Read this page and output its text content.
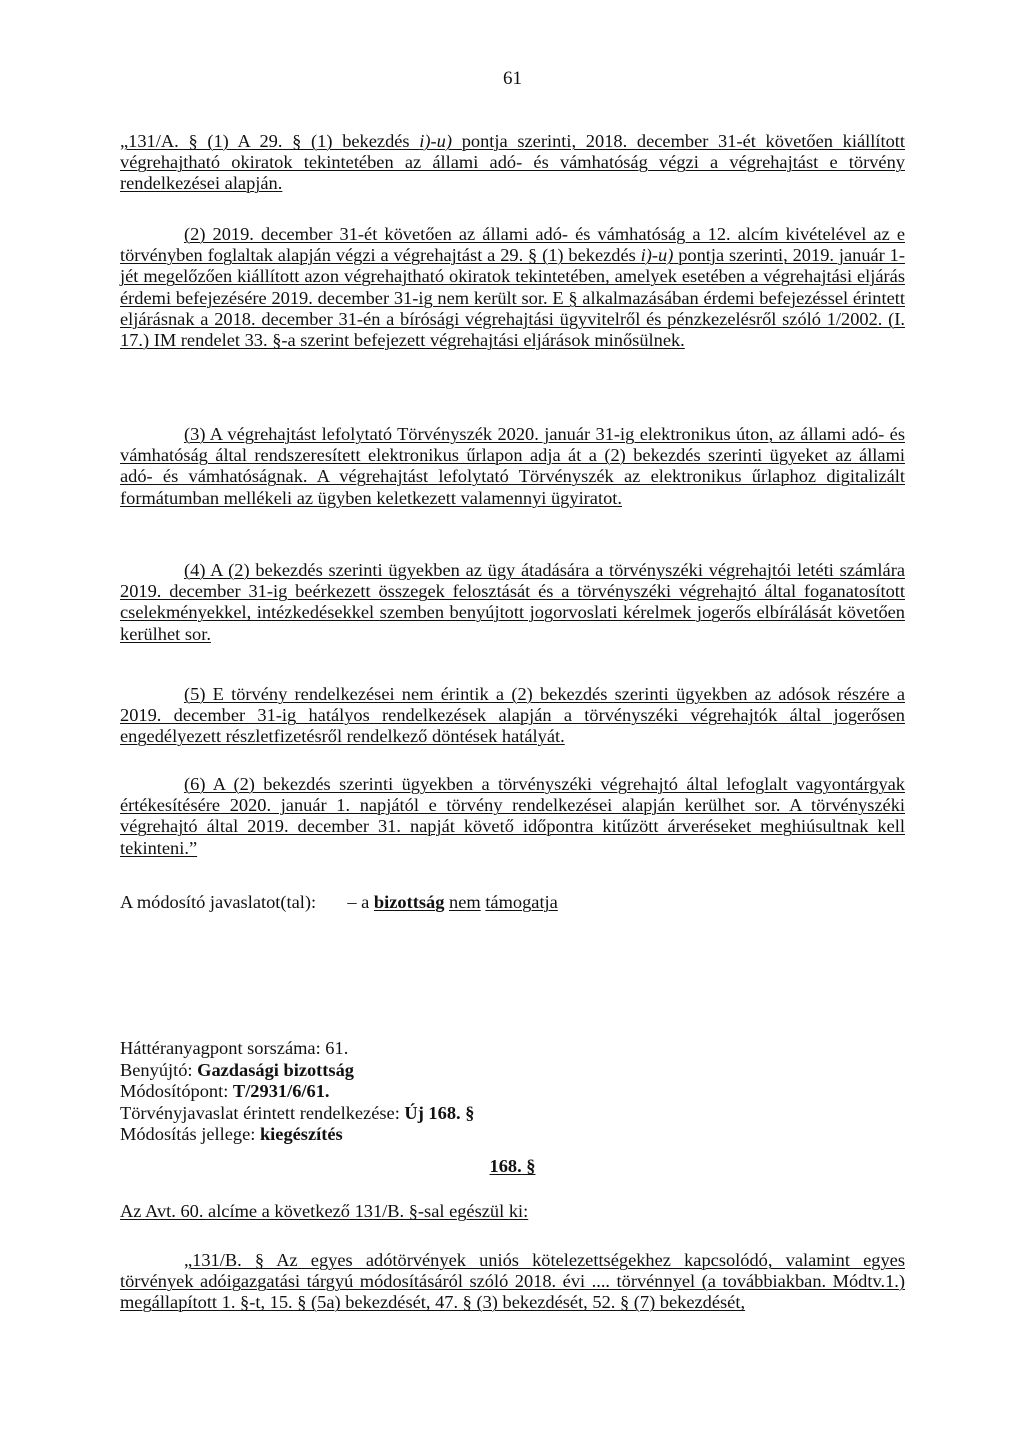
61

„131/A. § (1) A 29. § (1) bekezdés i)-u) pontja szerinti, 2018. december 31-ét követően kiállított végrehajtható okiratok tekintetében az állami adó- és vámhatóság végzi a végrehajtást e törvény rendelkezései alapján.

(2) 2019. december 31-ét követően az állami adó- és vámhatóság a 12. alcím kivételével az e törvényben foglaltak alapján végzi a végrehajtást a 29. § (1) bekezdés i)-u) pontja szerinti, 2019. január 1-jét megelőzően kiállított azon végrehajtható okiratok tekintetében, amelyek esetében a végrehajtási eljárás érdemi befejezésére 2019. december 31-ig nem került sor. E § alkalmazásában érdemi befejezéssel érintett eljárásnak a 2018. december 31-én a bírósági végrehajtási ügyvitelről és pénzkezelésről szóló 1/2002. (I. 17.) IM rendelet 33. §-a szerint befejezett végrehajtási eljárások minősülnek.

(3) A végrehajtást lefolytató Törvényszék 2020. január 31-ig elektronikus úton, az állami adó- és vámhatóság által rendszeresített elektronikus űrlapon adja át a (2) bekezdés szerinti ügyeket az állami adó- és vámhatóságnak. A végrehajtást lefolytató Törvényszék az elektronikus űrlaphoz digitalizált formátumban mellékeli az ügyben keletkezett valamennyi ügyiratot.

(4) A (2) bekezdés szerinti ügyekben az ügy átadására a törvényszéki végrehajtói letéti számlára 2019. december 31-ig beérkezett összegek felosztását és a törvényszéki végrehajtó által foganatosított cselekményekkel, intézkedésekkel szemben benyújtott jogorvoslati kérelmek jogerős elbírálását követően kerülhet sor.

(5) E törvény rendelkezései nem érintik a (2) bekezdés szerinti ügyekben az adósok részére a 2019. december 31-ig hatályos rendelkezések alapján a törvényszéki végrehajtók által jogerősen engedélyezett részletfizetésről rendelkező döntések hatályát.

(6) A (2) bekezdés szerinti ügyekben a törvényszéki végrehajtó által lefoglalt vagyontárgyak értékesítésére 2020. január 1. napjától e törvény rendelkezései alapján kerülhet sor. A törvényszéki végrehajtó által 2019. december 31. napját követő időpontra kitűzött árveréseket meghiúsultnak kell tekinteni.”

A módosító javaslatot(tal): – a bizottság nem támogatja

Háttéranyagpont sorszáma: 61.

Benyújtó: Gazdasági bizottság

Módosítópont: T/2931/6/61.

Törvényjavaslat érintett rendelkezése: Új 168. §

Módosítás jellege: kiegészítés

168. §

Az Avt. 60. alcíme a következő 131/B. §-sal egészül ki:

„131/B. § Az egyes adótörvények uniós kötelezettségekhez kapcsolódó, valamint egyes törvények adóigazgatási tárgyú módosításáról szóló 2018. évi .... törvénnyel (a továbbiakban. Módtv.1.) megállapított 1. §-t, 15. § (5a) bekezdését, 47. § (3) bekezdését, 52. § (7) bekezdését,
